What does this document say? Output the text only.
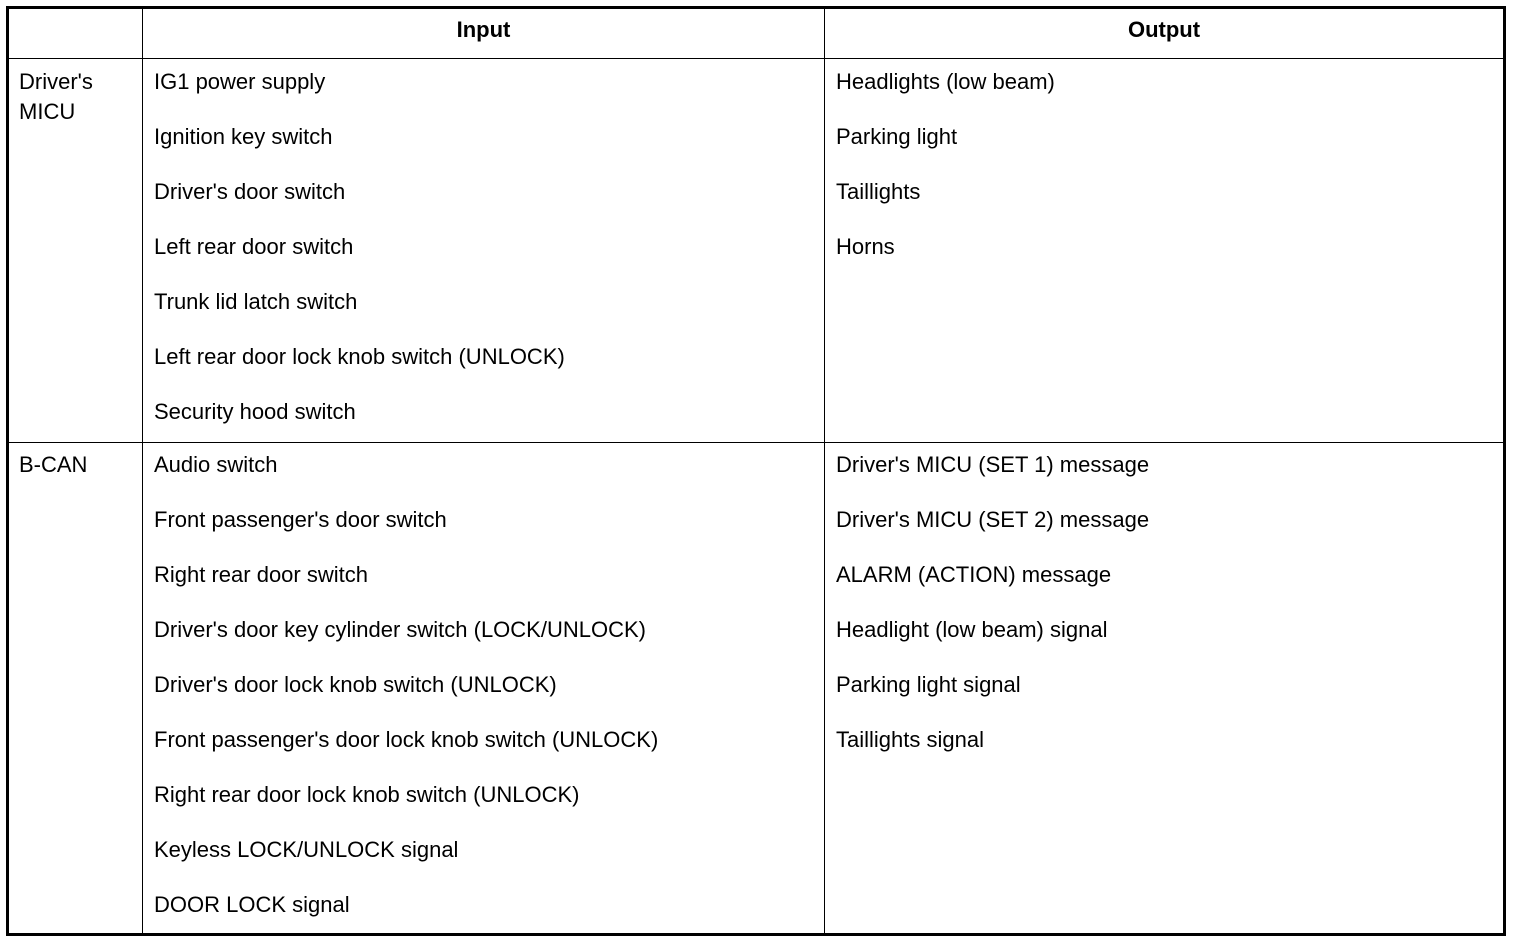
Input	Output
Driver's
MICU
B-CAN
IG1 power supply
Ignition key switch
Driver's door switch
Left rear door switch
Trunk lid latch switch
Left rear door lock knob switch (UNLOCK)
Security hood switch
Headlights (low beam)
Parking light
Taillights
Horns
Audio switch
Front passenger's door switch
Right rear door switch
Driver's door key cylinder switch (LOCK/UNLOCK)
Driver's door lock knob switch (UNLOCK)
Front passenger's door lock knob switch (UNLOCK)
Right rear door lock knob switch (UNLOCK)
Keyless LOCK/UNLOCK signal
DOOR LOCK signal
Driver's MICU (SET 1) message
Driver's MICU (SET 2) message
ALARM (ACTION) message
Headlight (low beam) signal
Parking light signal
Taillights signal
